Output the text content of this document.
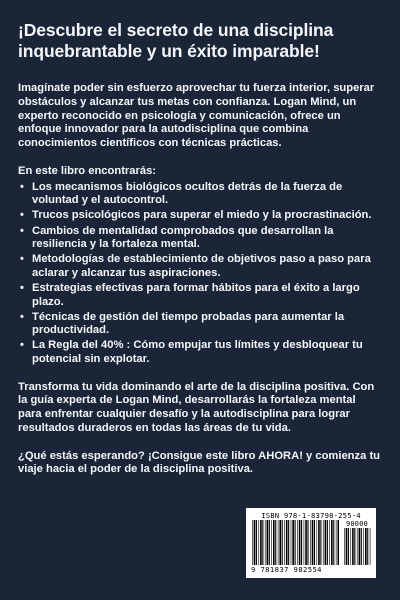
¡Descubre el secreto de una disciplina inquebrantable y un éxito imparable!

Imagínate poder sin esfuerzo aprovechar tu fuerza interior, superar obstáculos y alcanzar tus metas con confianza. Logan Mind, un experto reconocido en psicología y comunicación, ofrece un enfoque innovador para la autodisciplina que combina conocimientos científicos con técnicas prácticas.

En este libro encontrarás:

• Los mecanismos biológicos ocultos detrás de la fuerza de voluntad y el autocontrol.
• Trucos psicológicos para superar el miedo y la procrastinación.
• Cambios de mentalidad comprobados que desarrollan la resiliencia y la fortaleza mental.
• Metodologías de establecimiento de objetivos paso a paso para aclarar y alcanzar tus aspiraciones.
• Estrategias efectivas para formar hábitos para el éxito a largo plazo.
• Técnicas de gestión del tiempo probadas para aumentar la productividad.
• La Regla del 40% : Cómo empujar tus límites y desbloquear tu potencial sin explotar.

Transforma tu vida dominando el arte de la disciplina positiva. Con la guía experta de Logan Mind, desarrollarás la fortaleza mental para enfrentar cualquier desafío y la autodisciplina para lograr resultados duraderos en todas las áreas de tu vida.

¿Qué estás esperando? ¡Consigue este libro AHORA! y comienza tu viaje hacia el poder de la disciplina positiva.

ISBN 978-1-83798-255-4
90000
9 781837 982554
